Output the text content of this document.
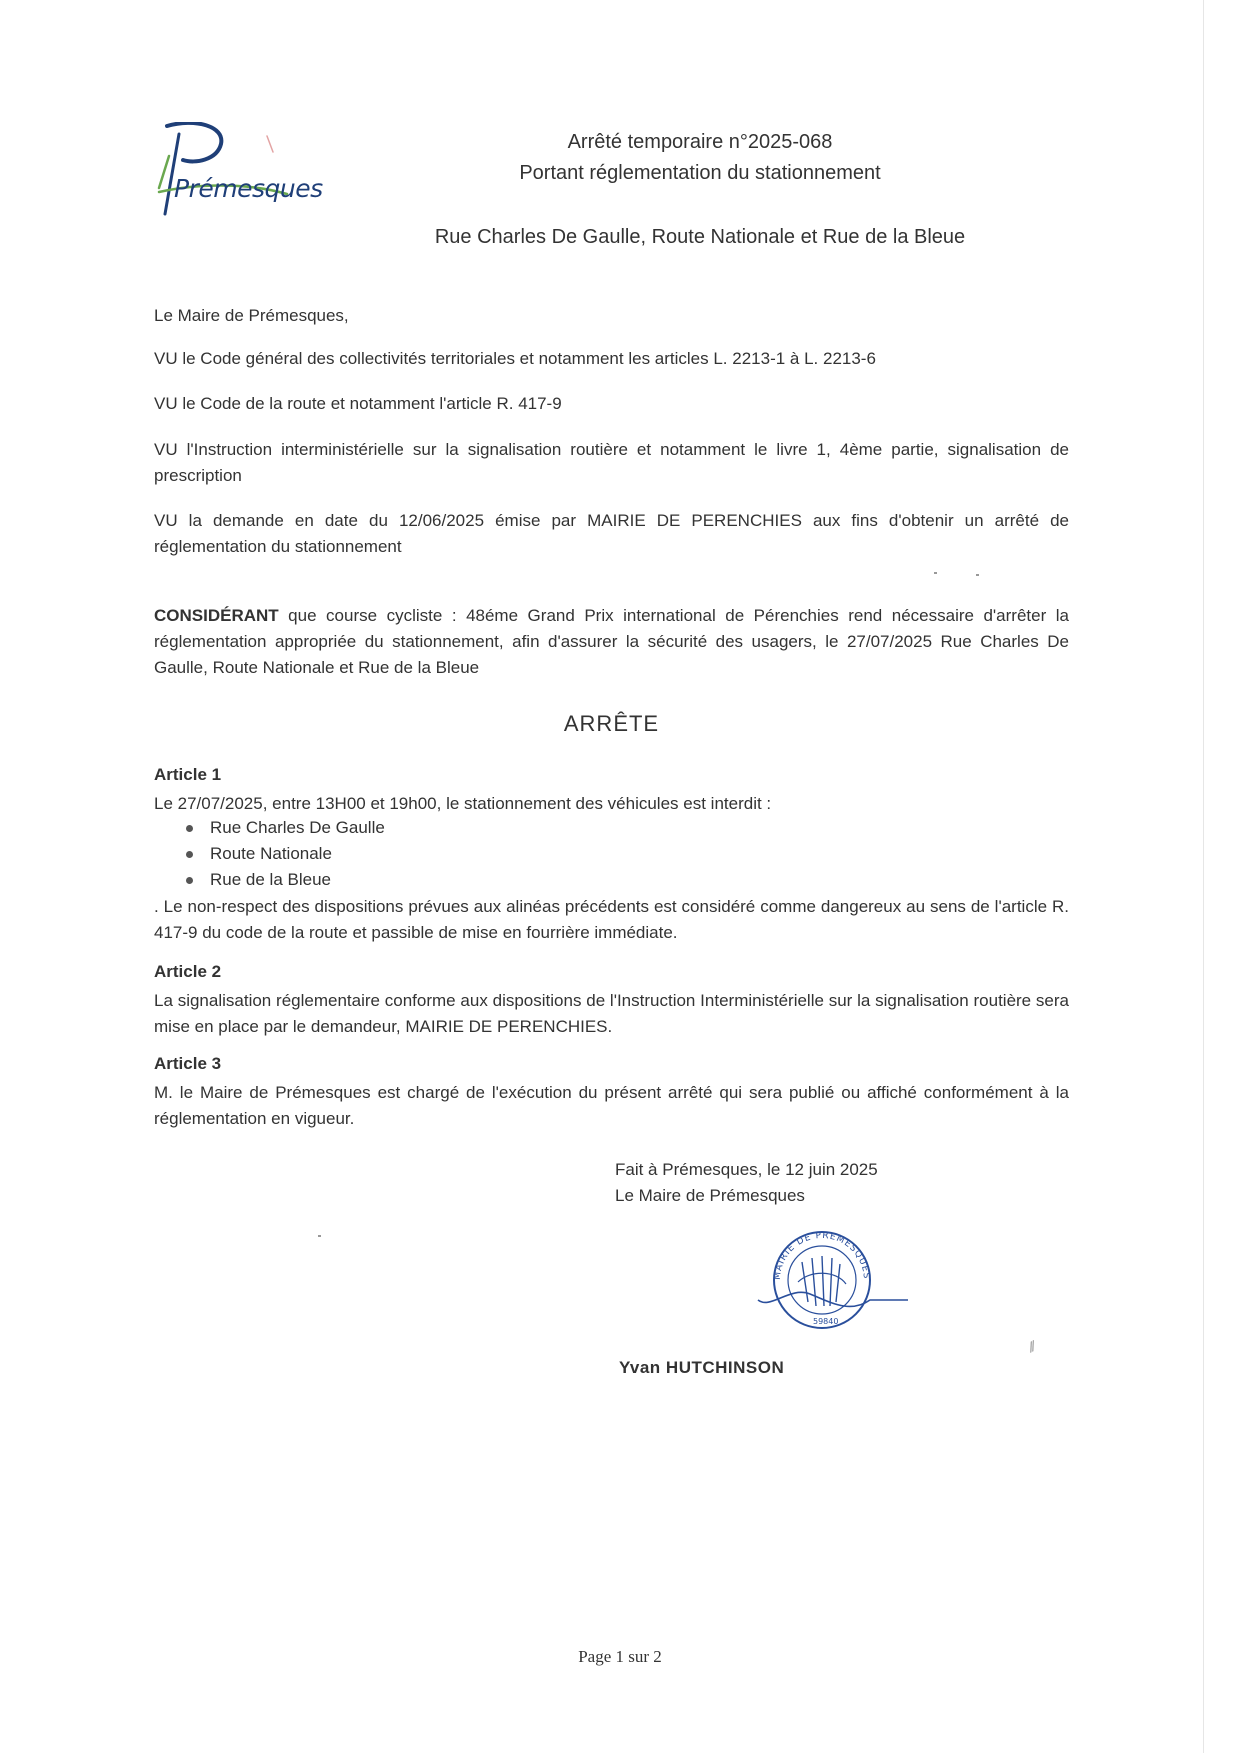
Prémesques
Arrêté temporaire n°2025-068
Portant réglementation du stationnement
Rue Charles De Gaulle, Route Nationale et Rue de la Bleue
Le Maire de Prémesques,
VU le Code général des collectivités territoriales et notamment les articles L. 2213-1 à L. 2213-6
VU le Code de la route et notamment l'article R. 417-9
VU l'Instruction interministérielle sur la signalisation routière et notamment le livre 1, 4ème partie, signalisation de prescription
VU la demande en date du 12/06/2025 émise par MAIRIE DE PERENCHIES aux fins d'obtenir un arrêté de réglementation du stationnement
CONSIDÉRANT que course cycliste : 48éme Grand Prix international de Pérenchies rend nécessaire d'arrêter la réglementation appropriée du stationnement, afin d'assurer la sécurité des usagers, le 27/07/2025 Rue Charles De Gaulle, Route Nationale et Rue de la Bleue
ARRÊTE
Article 1
Le 27/07/2025, entre 13H00 et 19h00, le stationnement des véhicules est interdit :
Rue Charles De Gaulle
Route Nationale
Rue de la Bleue
. Le non-respect des dispositions prévues aux alinéas précédents est considéré comme dangereux au sens de l'article R. 417-9 du code de la route et passible de mise en fourrière immédiate.
Article 2
La signalisation réglementaire conforme aux dispositions de l'Instruction Interministérielle sur la signalisation routière sera mise en place par le demandeur, MAIRIE DE PERENCHIES.
Article 3
M. le Maire de Prémesques est chargé de l'exécution du présent arrêté qui sera publié ou affiché conformément à la réglementation en vigueur.
Fait à Prémesques, le 12 juin 2025
Le Maire de Prémesques
MAIRIE DE PREMESQUES
59840
Yvan HUTCHINSON
∕∕
Page 1 sur 2
